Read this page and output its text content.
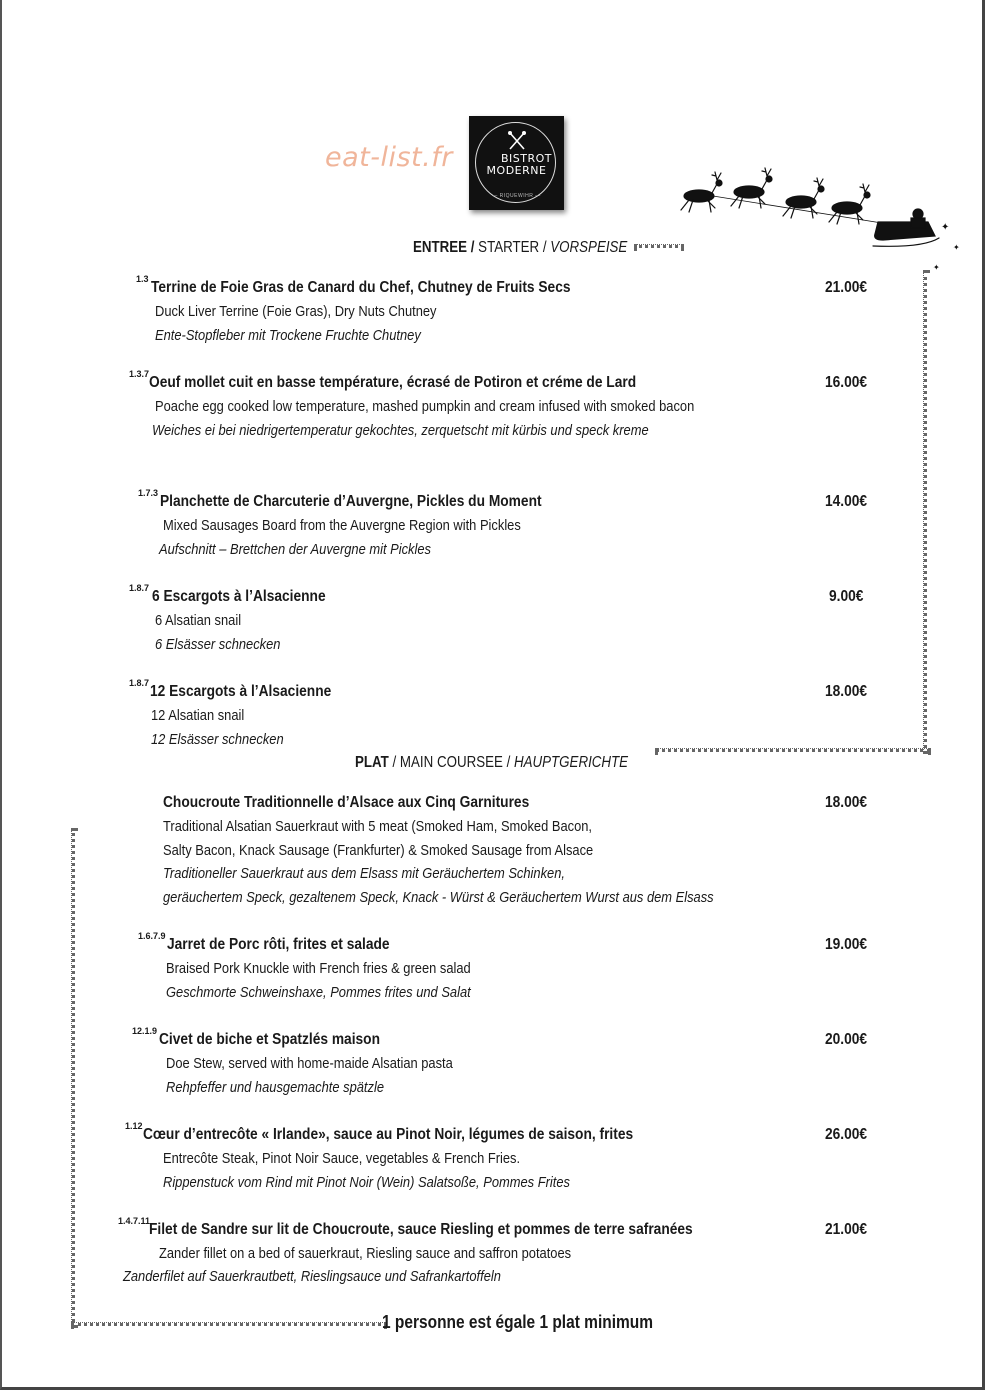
eat-list.fr	BISTROT
MODERNE
— RIQUEWIHR —
✦
✦
✦
ENTREE / STARTER / VORSPEISE
1.3 Terrine de Foie Gras de Canard du Chef, Chutney de Fruits Secs
Duck Liver Terrine (Foie Gras), Dry Nuts Chutney
Ente-Stopfleber mit Trockene Fruchte Chutney
21.00€
1.3.7 Oeuf mollet cuit en basse température, écrasé de Potiron et créme de Lard
Poache egg cooked low temperature, mashed pumpkin and cream infused with smoked bacon
Weiches ei bei niedrigertemperatur gekochtes, zerquetscht mit kürbis und speck kreme
16.00€
1.7.3 Planchette de Charcuterie d’Auvergne, Pickles du Moment
Mixed Sausages Board from the Auvergne Region with Pickles
Aufschnitt – Brettchen der Auvergne mit Pickles
14.00€
1.8.7 6 Escargots à l’Alsacienne
6 Alsatian snail
6 Elsässer schnecken
9.00€
1.8.7 12 Escargots à l’Alsacienne
12 Alsatian snail
12 Elsässer schnecken
18.00€
PLAT / MAIN COURSEE / HAUPTGERICHTE
Choucroute Traditionnelle d’Alsace aux Cinq Garnitures
Traditional Alsatian Sauerkraut with 5 meat (Smoked Ham, Smoked Bacon,
Salty Bacon, Knack Sausage (Frankfurter) & Smoked Sausage from Alsace
Traditioneller Sauerkraut aus dem Elsass mit Geräuchertem Schinken,
geräuchertem Speck, gezaltenem Speck, Knack - Würst & Geräuchertem Wurst aus dem Elsass
18.00€
1.6.7.9 Jarret de Porc rôti, frites et salade
Braised Pork Knuckle with French fries & green salad
Geschmorte Schweinshaxe, Pommes frites und Salat
19.00€
12.1.9 Civet de biche et Spatzlés maison
Doe Stew, served with home-maide Alsatian pasta
Rehpfeffer und hausgemachte spätzle
20.00€
1.12 Cœur d’entrecôte « Irlande», sauce au Pinot Noir, légumes de saison, frites
Entrecôte Steak, Pinot Noir Sauce, vegetables & French Fries.
Rippenstuck vom Rind mit Pinot Noir (Wein) Salatsoße, Pommes Frites
26.00€
1.4.7.11
Filet de Sandre sur lit de Choucroute, sauce Riesling et pommes de terre safranées
Zander fillet on a bed of sauerkraut, Riesling sauce and saffron potatoes
Zanderfilet auf Sauerkrautbett, Rieslingsauce und Safrankartoffeln
21.00€
1 personne est égale 1 plat minimum
